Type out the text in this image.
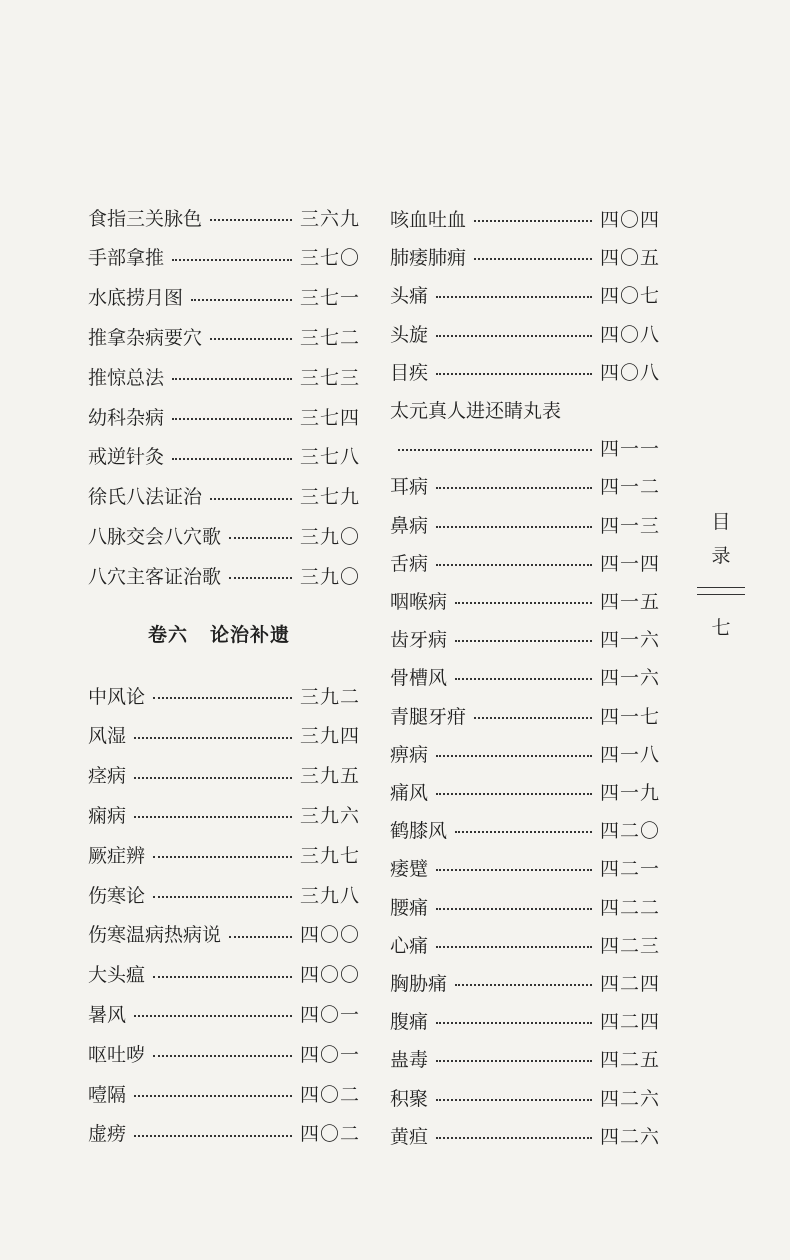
食指三关脉色	三六九
手部拿推	三七〇
水底捞月图	三七一
推拿杂病要穴	三七二
推惊总法	三七三
幼科杂病	三七四
戒逆针灸	三七八
徐氏八法证治	三七九
八脉交会八穴歌	三九〇
八穴主客证治歌	三九〇
卷六 论治补遗
中风论	三九二
风湿	三九四
痉病	三九五
痫病	三九六
厥症辨	三九七
伤寒论	三九八
伤寒温病热病说	四〇〇
大头瘟	四〇〇
暑风	四〇一
呕吐哕	四〇一
噎隔	四〇二
虚痨	四〇二
咳血吐血	四〇四
肺痿肺痈	四〇五
头痛	四〇七
头旋	四〇八
目疾	四〇八
太元真人进还睛丸表
四一一
耳病	四一二
鼻病	四一三
舌病	四一四
咽喉病	四一五
齿牙病	四一六
骨槽风	四一六
青腿牙疳	四一七
痹病	四一八
痛风	四一九
鹤膝风	四二〇
痿躄	四二一
腰痛	四二二
心痛	四二三
胸胁痛	四二四
腹痛	四二四
蛊毒	四二五
积聚	四二六
黄疸	四二六
目
录
七
